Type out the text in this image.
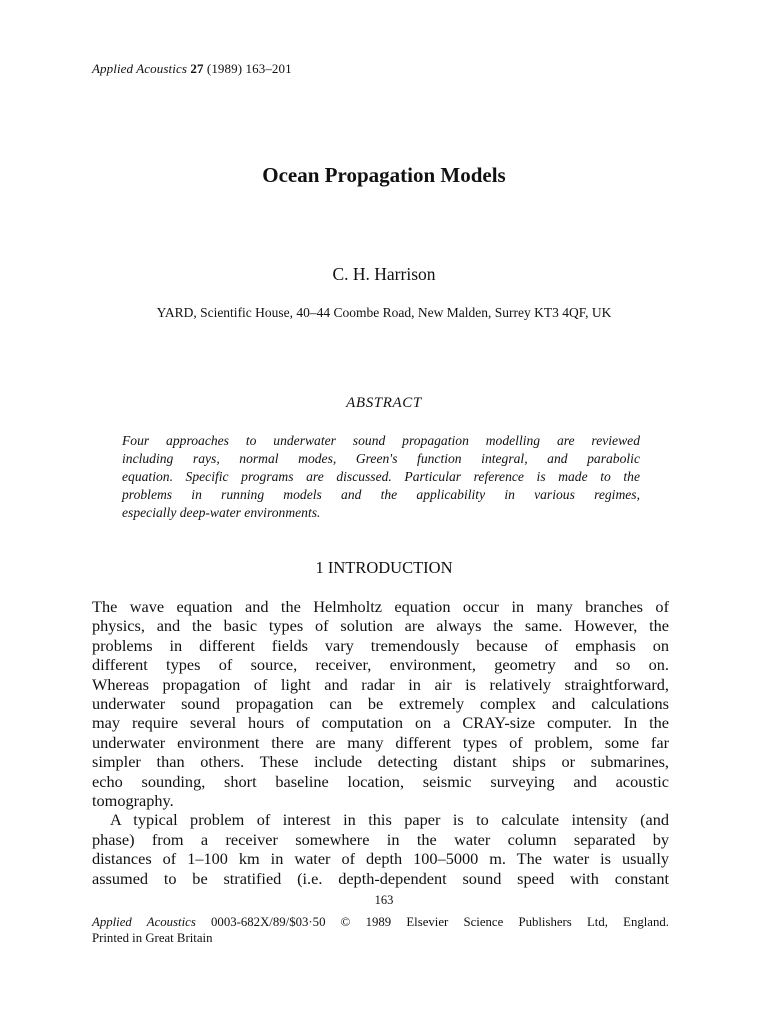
Applied Acoustics 27 (1989) 163–201
Ocean Propagation Models
C. H. Harrison
YARD, Scientific House, 40–44 Coombe Road, New Malden, Surrey KT3 4QF, UK
ABSTRACT
Four approaches to underwater sound propagation modelling are reviewed
including rays, normal modes, Green's function integral, and parabolic
equation. Specific programs are discussed. Particular reference is made to the
problems in running models and the applicability in various regimes,
especially deep-water environments.
1 INTRODUCTION
The wave equation and the Helmholtz equation occur in many branches of
physics, and the basic types of solution are always the same. However, the
problems in different fields vary tremendously because of emphasis on
different types of source, receiver, environment, geometry and so on.
Whereas propagation of light and radar in air is relatively straightforward,
underwater sound propagation can be extremely complex and calculations
may require several hours of computation on a CRAY-size computer. In the
underwater environment there are many different types of problem, some far
simpler than others. These include detecting distant ships or submarines,
echo sounding, short baseline location, seismic surveying and acoustic
tomography.
A typical problem of interest in this paper is to calculate intensity (and
phase) from a receiver somewhere in the water column separated by
distances of 1–100 km in water of depth 100–5000 m. The water is usually
assumed to be stratified (i.e. depth-dependent sound speed with constant
163
Applied Acoustics 0003-682X/89/$03·50 © 1989 Elsevier Science Publishers Ltd, England.
Printed in Great Britain
